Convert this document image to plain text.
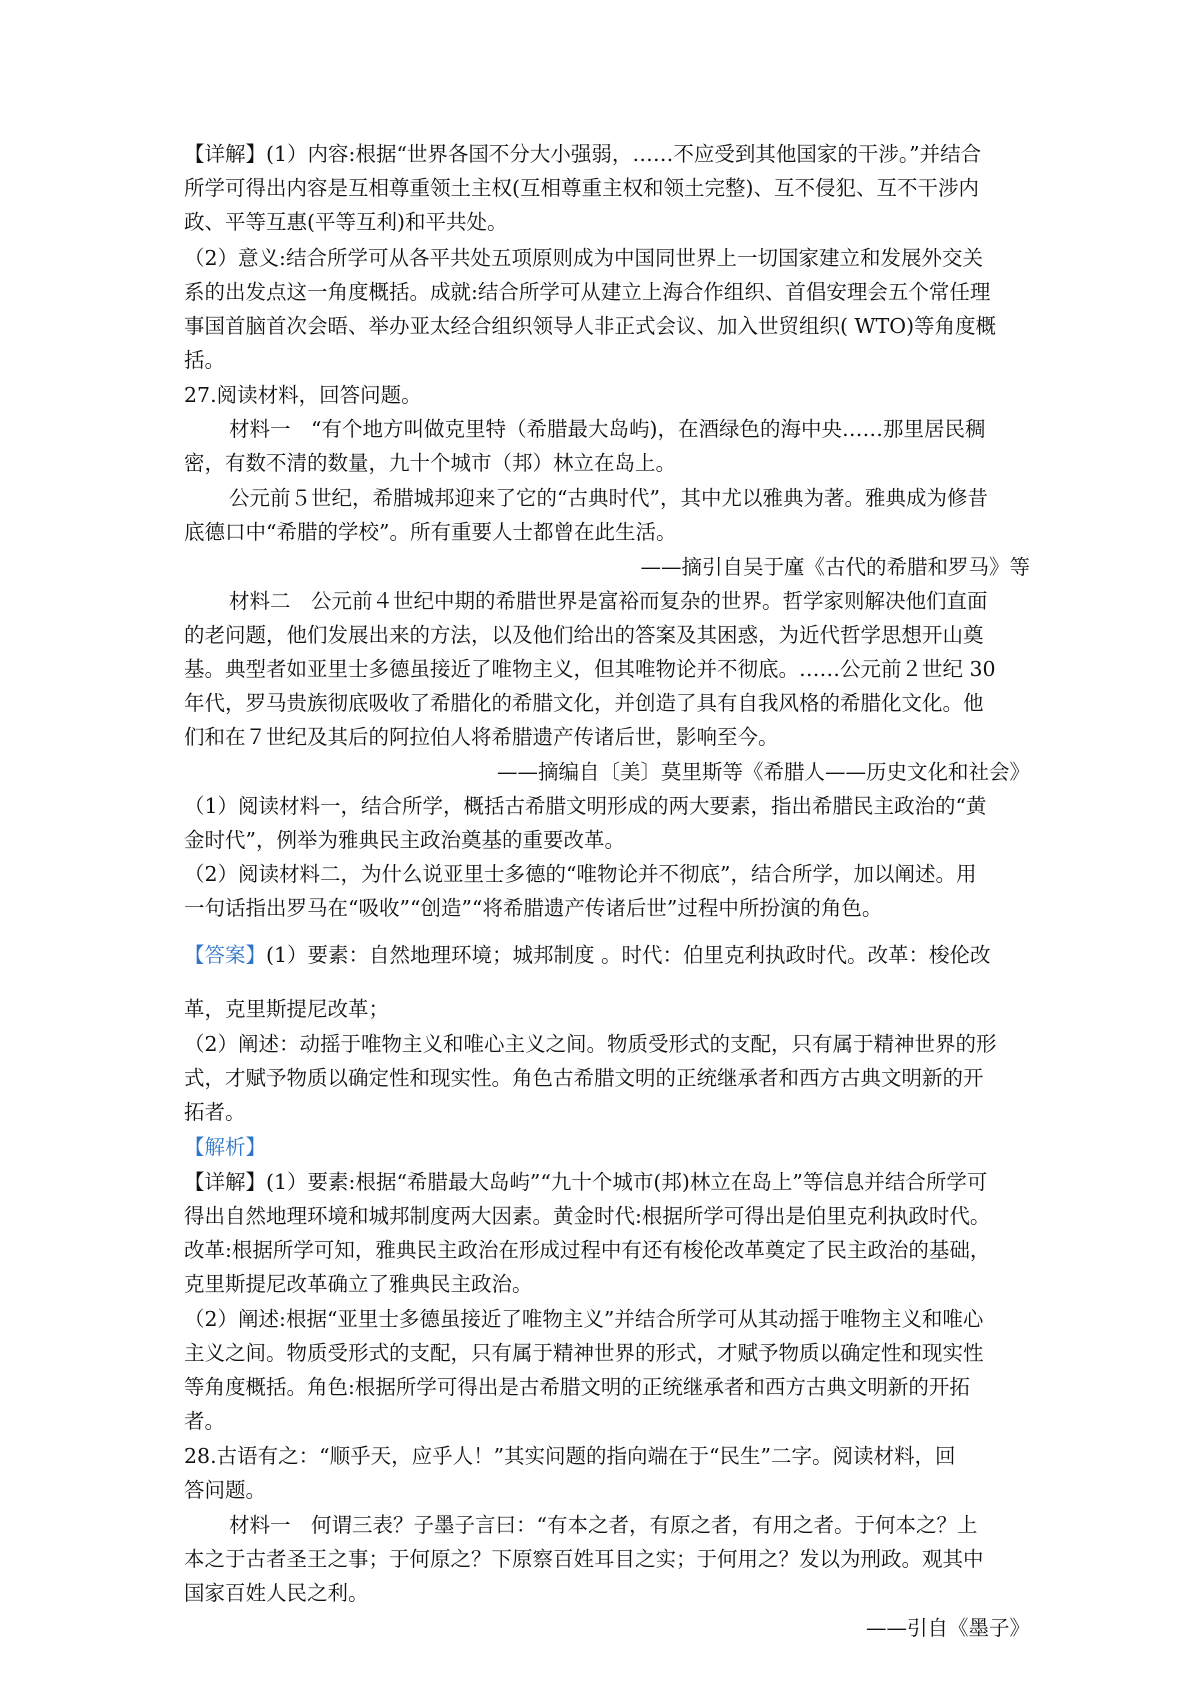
【详解】(1）内容:根据“世界各国不分大小强弱，……不应受到其他国家的干涉。”并结合
所学可得出内容是互相尊重领土主权(互相尊重主权和领土完整)、互不侵犯、互不干涉内
政、平等互惠(平等互利)和平共处。
（2）意义:结合所学可从各平共处五项原则成为中国同世界上一切国家建立和发展外交关
系的出发点这一角度概括。成就:结合所学可从建立上海合作组织、首倡安理会五个常任理
事国首脑首次会晤、举办亚太经合组织领导人非正式会议、加入世贸组织( WTO)等角度概
括。
27.阅读材料，回答问题。
材料一　“有个地方叫做克里特（希腊最大岛屿)，在酒绿色的海中央……那里居民稠
密，有数不清的数量，九十个城市（邦）林立在岛上。
公元前５世纪，希腊城邦迎来了它的“古典时代”，其中尤以雅典为著。雅典成为修昔
底德口中“希腊的学校”。所有重要人士都曾在此生活。
——摘引自吴于廑《古代的希腊和罗马》等
材料二　公元前４世纪中期的希腊世界是富裕而复杂的世界。哲学家则解决他们直面
的老问题，他们发展出来的方法，以及他们给出的答案及其困惑，为近代哲学思想开山奠
基。典型者如亚里士多德虽接近了唯物主义，但其唯物论并不彻底。……公元前２世纪 30
年代，罗马贵族彻底吸收了希腊化的希腊文化，并创造了具有自我风格的希腊化文化。他
们和在７世纪及其后的阿拉伯人将希腊遗产传诸后世，影响至今。
——摘编自〔美〕莫里斯等《希腊人——历史文化和社会》
（1）阅读材料一，结合所学，概括古希腊文明形成的两大要素，指出希腊民主政治的“黄
金时代”，例举为雅典民主政治奠基的重要改革。
（2）阅读材料二，为什么说亚里士多德的“唯物论并不彻底”，结合所学，加以阐述。用
一句话指出罗马在“吸收”“创造”“将希腊遗产传诸后世”过程中所扮演的角色。
【答案】(1）要素：自然地理环境；城邦制度 。时代：伯里克利执政时代。改革：梭伦改
革，克里斯提尼改革；
（2）阐述：动摇于唯物主义和唯心主义之间。物质受形式的支配，只有属于精神世界的形
式，才赋予物质以确定性和现实性。角色古希腊文明的正统继承者和西方古典文明新的开
拓者。
【解析】
【详解】(1）要素:根据“希腊最大岛屿”“九十个城市(邦)林立在岛上”等信息并结合所学可
得出自然地理环境和城邦制度两大因素。黄金时代:根据所学可得出是伯里克利执政时代。
改革:根据所学可知，雅典民主政治在形成过程中有还有梭伦改革奠定了民主政治的基础，
克里斯提尼改革确立了雅典民主政治。
（2）阐述:根据“亚里士多德虽接近了唯物主义”并结合所学可从其动摇于唯物主义和唯心
主义之间。物质受形式的支配，只有属于精神世界的形式，才赋予物质以确定性和现实性
等角度概括。角色:根据所学可得出是古希腊文明的正统继承者和西方古典文明新的开拓
者。
28.古语有之：“顺乎天，应乎人！”其实问题的指向端在于“民生”二字。阅读材料，回
答问题。
材料一　何谓三表？子墨子言曰：“有本之者，有原之者，有用之者。于何本之？上
本之于古者圣王之事；于何原之？下原察百姓耳目之实；于何用之？发以为刑政。观其中
国家百姓人民之利。
——引自《墨子》
